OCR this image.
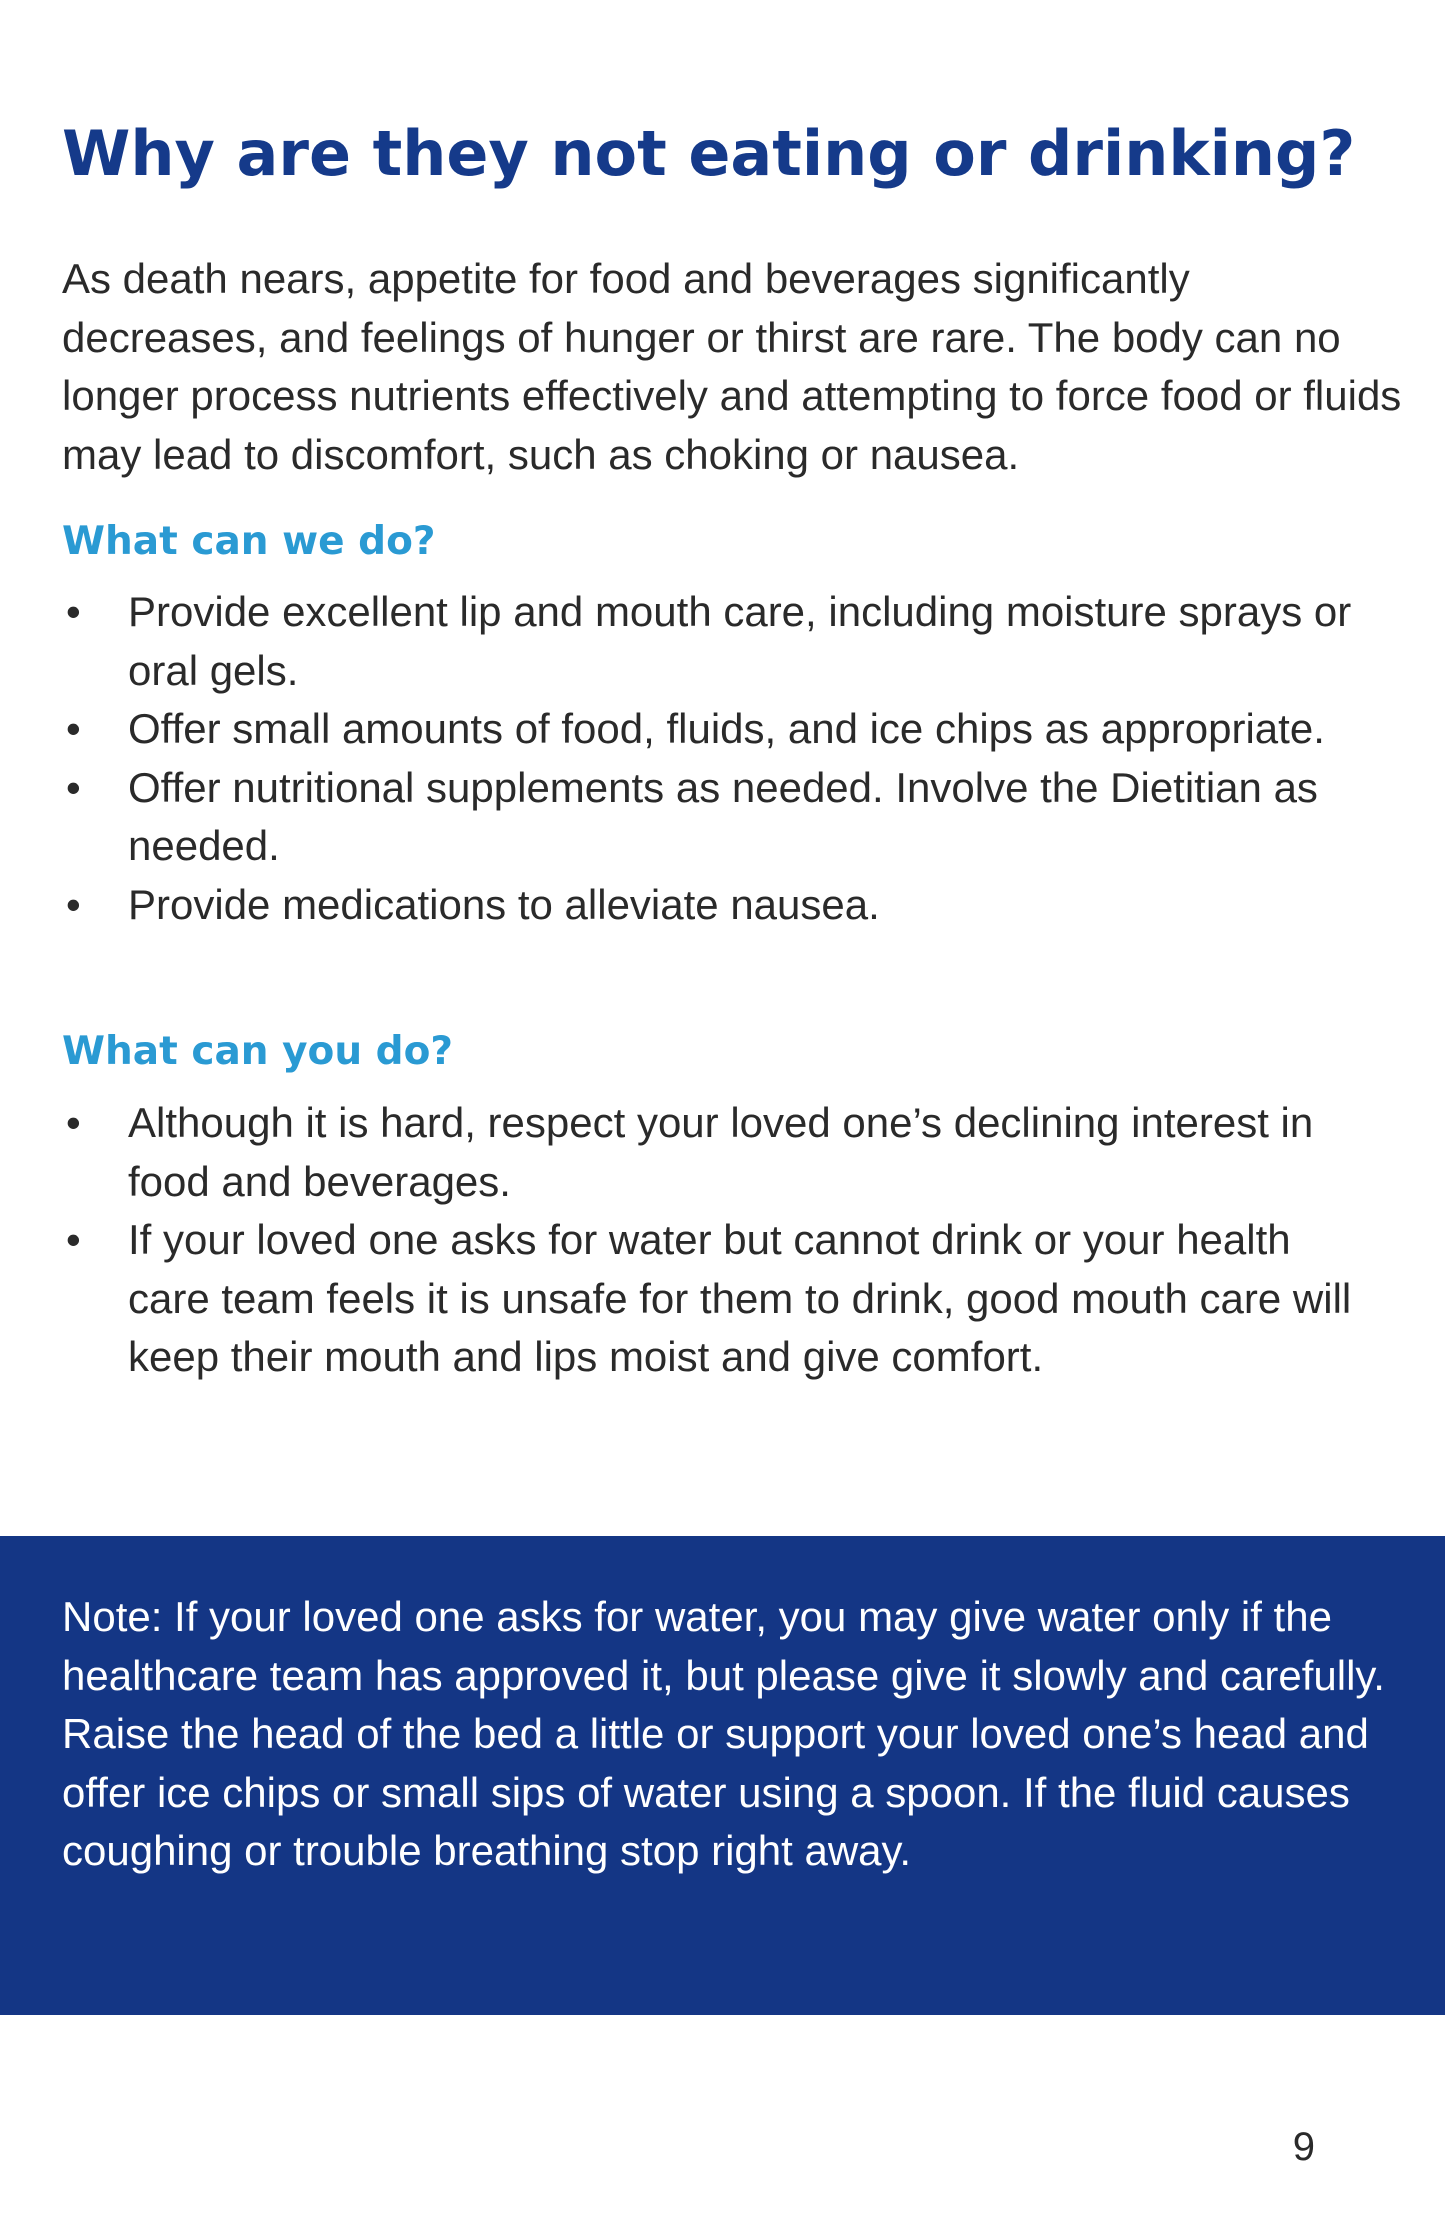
Why are they not eating or drinking?

As death nears, appetite for food and beverages significantly decreases, and feelings of hunger or thirst are rare. The body can no longer process nutrients effectively and attempting to force food or fluids may lead to discomfort, such as choking or nausea.

What can we do?
• Provide excellent lip and mouth care, including moisture sprays or oral gels.
• Offer small amounts of food, fluids, and ice chips as appropriate.
• Offer nutritional supplements as needed. Involve the Dietitian as needed.
• Provide medications to alleviate nausea.
What can you do?
• Although it is hard, respect your loved one’s declining interest in food and beverages.
• If your loved one asks for water but cannot drink or your health care team feels it is unsafe for them to drink, good mouth care will keep their mouth and lips moist and give comfort.

Note: If your loved one asks for water, you may give water only if the healthcare team has approved it, but please give it slowly and carefully. Raise the head of the bed a little or support your loved one’s head and offer ice chips or small sips of water using a spoon. If the fluid causes coughing or trouble breathing stop right away.

9
